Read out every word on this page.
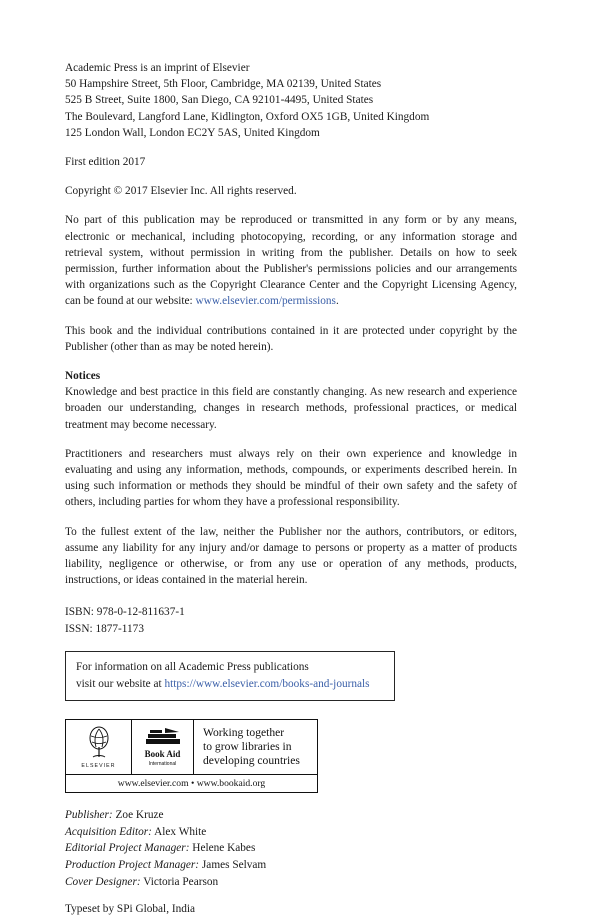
Academic Press is an imprint of Elsevier
50 Hampshire Street, 5th Floor, Cambridge, MA 02139, United States
525 B Street, Suite 1800, San Diego, CA 92101-4495, United States
The Boulevard, Langford Lane, Kidlington, Oxford OX5 1GB, United Kingdom
125 London Wall, London EC2Y 5AS, United Kingdom

First edition 2017

Copyright © 2017 Elsevier Inc. All rights reserved.

No part of this publication may be reproduced or transmitted in any form or by any means, electronic or mechanical, including photocopying, recording, or any information storage and retrieval system, without permission in writing from the publisher. Details on how to seek permission, further information about the Publisher's permissions policies and our arrangements with organizations such as the Copyright Clearance Center and the Copyright Licensing Agency, can be found at our website: www.elsevier.com/permissions.

This book and the individual contributions contained in it are protected under copyright by the Publisher (other than as may be noted herein).

Notices

Knowledge and best practice in this field are constantly changing. As new research and experience broaden our understanding, changes in research methods, professional practices, or medical treatment may become necessary.

Practitioners and researchers must always rely on their own experience and knowledge in evaluating and using any information, methods, compounds, or experiments described herein. In using such information or methods they should be mindful of their own safety and the safety of others, including parties for whom they have a professional responsibility.

To the fullest extent of the law, neither the Publisher nor the authors, contributors, or editors, assume any liability for any injury and/or damage to persons or property as a matter of products liability, negligence or otherwise, or from any use or operation of any methods, products, instructions, or ideas contained in the material herein.

ISBN: 978-0-12-811637-1
ISSN: 1877-1173
For information on all Academic Press publications
visit our website at https://www.elsevier.com/books-and-journals
ELSEVIER
Book Aid
International
Working together
to grow libraries in
developing countries
www.elsevier.com • www.bookaid.org
Publisher: Zoe Kruze
Acquisition Editor: Alex White
Editorial Project Manager: Helene Kabes
Production Project Manager: James Selvam
Cover Designer: Victoria Pearson
Typeset by SPi Global, India
